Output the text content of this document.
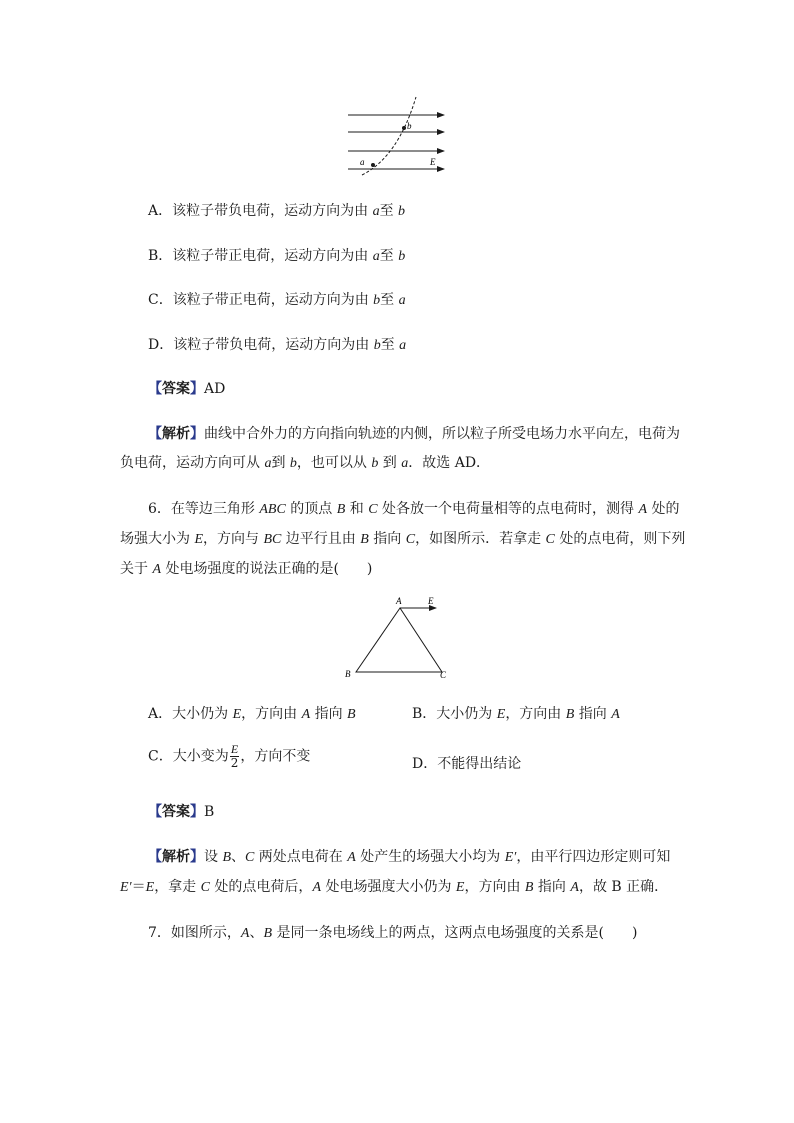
b
a	E
A．该粒子带负电荷，运动方向为由 a至 b
B．该粒子带正电荷，运动方向为由 a至 b
C．该粒子带正电荷，运动方向为由 b至 a
D．该粒子带负电荷，运动方向为由 b至 a
【答案】AD
【解析】曲线中合外力的方向指向轨迹的内侧，所以粒子所受电场力水平向左，电荷为
负电荷，运动方向可从 a到 b，也可以从 b 到 a．故选 AD．
6．在等边三角形 ABC 的顶点 B 和 C 处各放一个电荷量相等的点电荷时，测得 A 处的
场强大小为 E，方向与 BC 边平行且由 B 指向 C，如图所示．若拿走 C 处的点电荷，则下列
关于 A 处电场强度的说法正确的是(　　)
A	E
B	C
A．大小仍为 E，方向由 A 指向 B	B．大小仍为 E，方向由 B 指向 A
C．大小变为 $\frac{E}{2}$ ，方向不变	D．不能得出结论
【答案】B
【解析】设 B、C 两处点电荷在 A 处产生的场强大小均为 E′，由平行四边形定则可知
E′＝E，拿走 C 处的点电荷后，A 处电场强度大小仍为 E，方向由 B 指向 A，故 B 正确．
7．如图所示，A、B 是同一条电场线上的两点，这两点电场强度的关系是(　　)
